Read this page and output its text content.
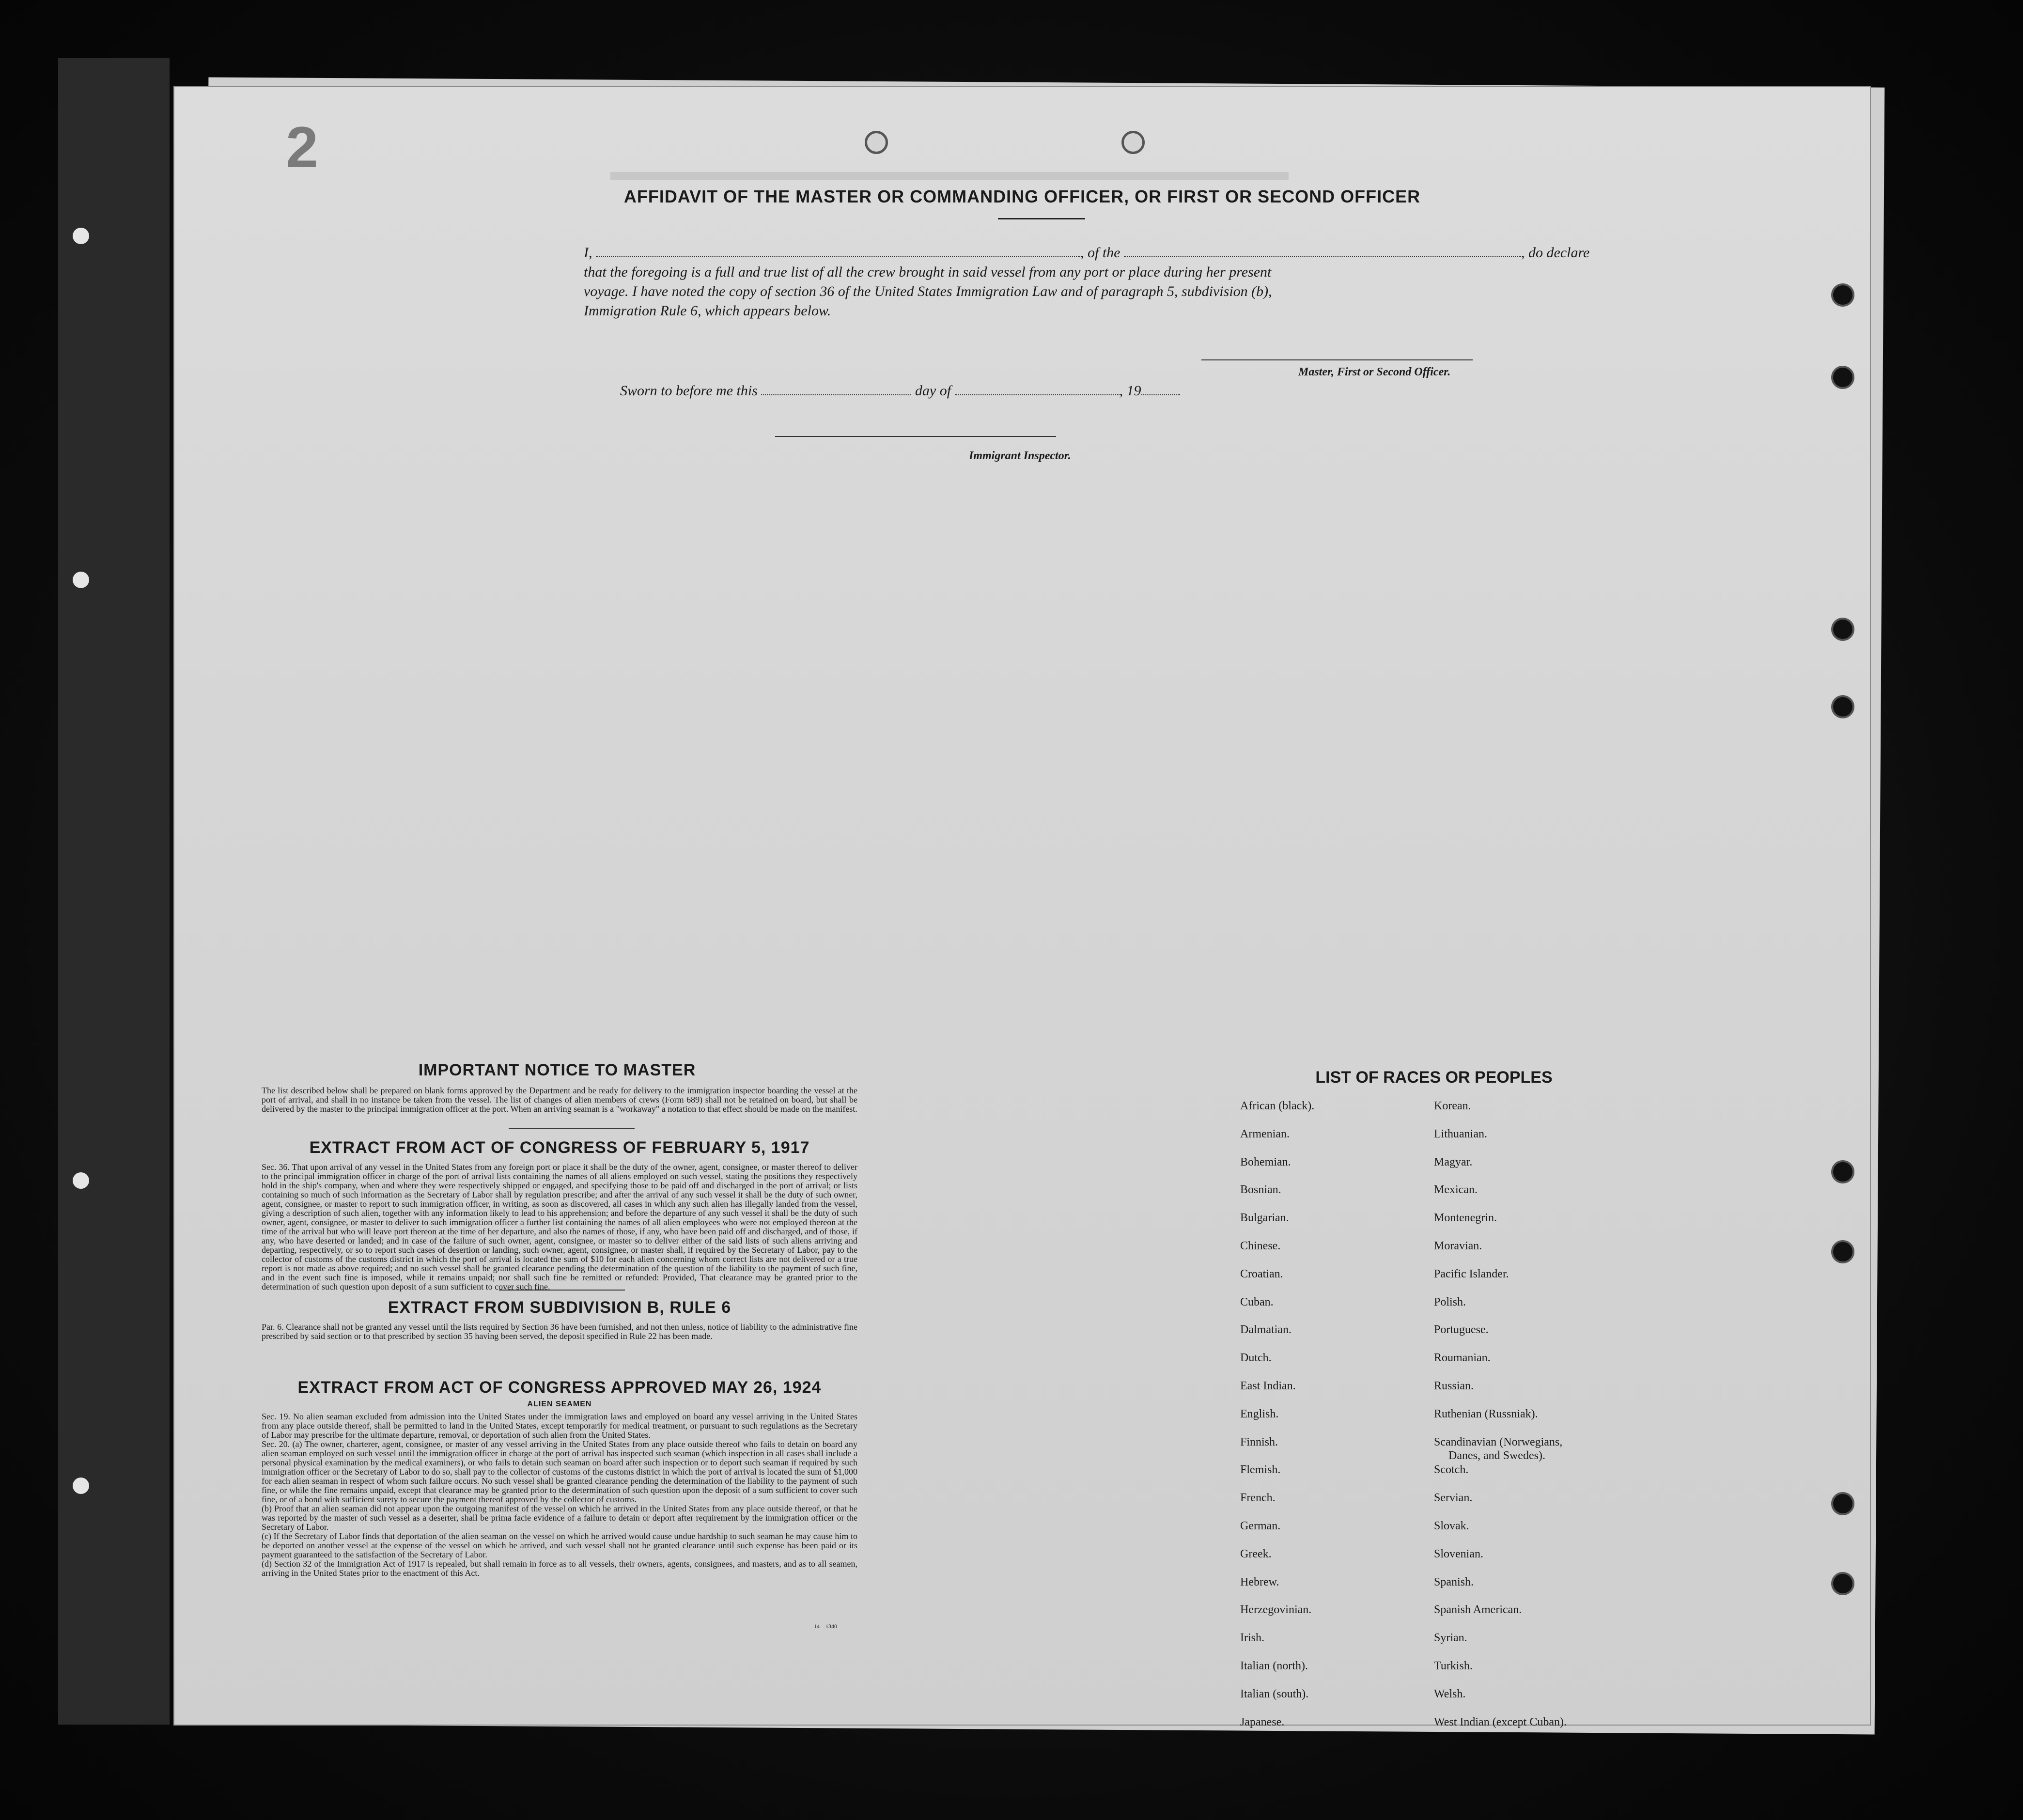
2	▬▬▬▬▬▬▬▬▬▬▬▬▬▬▬▬▬▬▬▬▬▬▬▬▬
AFFIDAVIT OF THE MASTER OR COMMANDING OFFICER, OR FIRST OR SECOND OFFICER
I,	, of the	, do declare
that the foregoing is a full and true list of all the crew brought in said vessel from any port or place during her present
voyage. I have noted the copy of section 36 of the United States Immigration Law and of paragraph 5, subdivision (b),
Immigration Rule 6, which appears below.
Master, First or Second Officer.
Sworn to before me this	day of	, 19
Immigrant Inspector.
IMPORTANT NOTICE TO MASTER
The list described below shall be prepared on blank forms approved by the Department and be ready for delivery to the immigration inspector boarding the vessel at the port of arrival, and shall in no instance be taken from the vessel. The list of changes of alien members of crews (Form 689) shall not be retained on board, but shall be delivered by the master to the principal immigration officer at the port. When an arriving seaman is a "workaway" a notation to that effect should be made on the manifest.
EXTRACT FROM ACT OF CONGRESS OF FEBRUARY 5, 1917
Sec. 36. That upon arrival of any vessel in the United States from any foreign port or place it shall be the duty of the owner, agent, consignee, or master thereof to deliver to the principal immigration officer in charge of the port of arrival lists containing the names of all aliens employed on such vessel, stating the positions they respectively hold in the ship's company, when and where they were respectively shipped or engaged, and specifying those to be paid off and discharged in the port of arrival; or lists containing so much of such information as the Secretary of Labor shall by regulation prescribe; and after the arrival of any such vessel it shall be the duty of such owner, agent, consignee, or master to report to such immigration officer, in writing, as soon as discovered, all cases in which any such alien has illegally landed from the vessel, giving a description of such alien, together with any information likely to lead to his apprehension; and before the departure of any such vessel it shall be the duty of such owner, agent, consignee, or master to deliver to such immigration officer a further list containing the names of all alien employees who were not employed thereon at the time of the arrival but who will leave port thereon at the time of her departure, and also the names of those, if any, who have been paid off and discharged, and of those, if any, who have deserted or landed; and in case of the failure of such owner, agent, consignee, or master so to deliver either of the said lists of such aliens arriving and departing, respectively, or so to report such cases of desertion or landing, such owner, agent, consignee, or master shall, if required by the Secretary of Labor, pay to the collector of customs of the customs district in which the port of arrival is located the sum of $10 for each alien concerning whom correct lists are not delivered or a true report is not made as above required; and no such vessel shall be granted clearance pending the determination of the question of the liability to the payment of such fine, and in the event such fine is imposed, while it remains unpaid; nor shall such fine be remitted or refunded: Provided, That clearance may be granted prior to the determination of such question upon deposit of a sum sufficient to cover such fine.
EXTRACT FROM SUBDIVISION B, RULE 6
Par. 6. Clearance shall not be granted any vessel until the lists required by Section 36 have been furnished, and not then unless, notice of liability to the administrative fine prescribed by said section or to that prescribed by section 35 having been served, the deposit specified in Rule 22 has been made.
EXTRACT FROM ACT OF CONGRESS APPROVED MAY 26, 1924
ALIEN SEAMEN
Sec. 19. No alien seaman excluded from admission into the United States under the immigration laws and employed on board any vessel arriving in the United States from any place outside thereof, shall be permitted to land in the United States, except temporarily for medical treatment, or pursuant to such regulations as the Secretary of Labor may prescribe for the ultimate departure, removal, or deportation of such alien from the United States.
Sec. 20. (a) The owner, charterer, agent, consignee, or master of any vessel arriving in the United States from any place outside thereof who fails to detain on board any alien seaman employed on such vessel until the immigration officer in charge at the port of arrival has inspected such seaman (which inspection in all cases shall include a personal physical examination by the medical examiners), or who fails to detain such seaman on board after such inspection or to deport such seaman if required by such immigration officer or the Secretary of Labor to do so, shall pay to the collector of customs of the customs district in which the port of arrival is located the sum of $1,000 for each alien seaman in respect of whom such failure occurs. No such vessel shall be granted clearance pending the determination of the liability to the payment of such fine, or while the fine remains unpaid, except that clearance may be granted prior to the determination of such question upon the deposit of a sum sufficient to cover such fine, or of a bond with sufficient surety to secure the payment thereof approved by the collector of customs.
(b) Proof that an alien seaman did not appear upon the outgoing manifest of the vessel on which he arrived in the United States from any place outside thereof, or that he was reported by the master of such vessel as a deserter, shall be prima facie evidence of a failure to detain or deport after requirement by the immigration officer or the Secretary of Labor.
(c) If the Secretary of Labor finds that deportation of the alien seaman on the vessel on which he arrived would cause undue hardship to such seaman he may cause him to be deported on another vessel at the expense of the vessel on which he arrived, and such vessel shall not be granted clearance until such expense has been paid or its payment guaranteed to the satisfaction of the Secretary of Labor.
(d) Section 32 of the Immigration Act of 1917 is repealed, but shall remain in force as to all vessels, their owners, agents, consignees, and masters, and as to all seamen, arriving in the United States prior to the enactment of this Act.
14—1340
LIST OF RACES OR PEOPLES
African (black).
Armenian.
Bohemian.
Bosnian.
Bulgarian.
Chinese.
Croatian.
Cuban.
Dalmatian.
Dutch.
East Indian.
English.
Finnish.
Flemish.
French.
German.
Greek.
Hebrew.
Herzegovinian.
Irish.
Italian (north).
Italian (south).
Japanese.
Korean.
Lithuanian.
Magyar.
Mexican.
Montenegrin.
Moravian.
Pacific Islander.
Polish.
Portuguese.
Roumanian.
Russian.
Ruthenian (Russniak).
Scandinavian (Norwegians,
Danes, and Swedes).
Scotch.
Servian.
Slovak.
Slovenian.
Spanish.
Spanish American.
Syrian.
Turkish.
Welsh.
West Indian (except Cuban).
